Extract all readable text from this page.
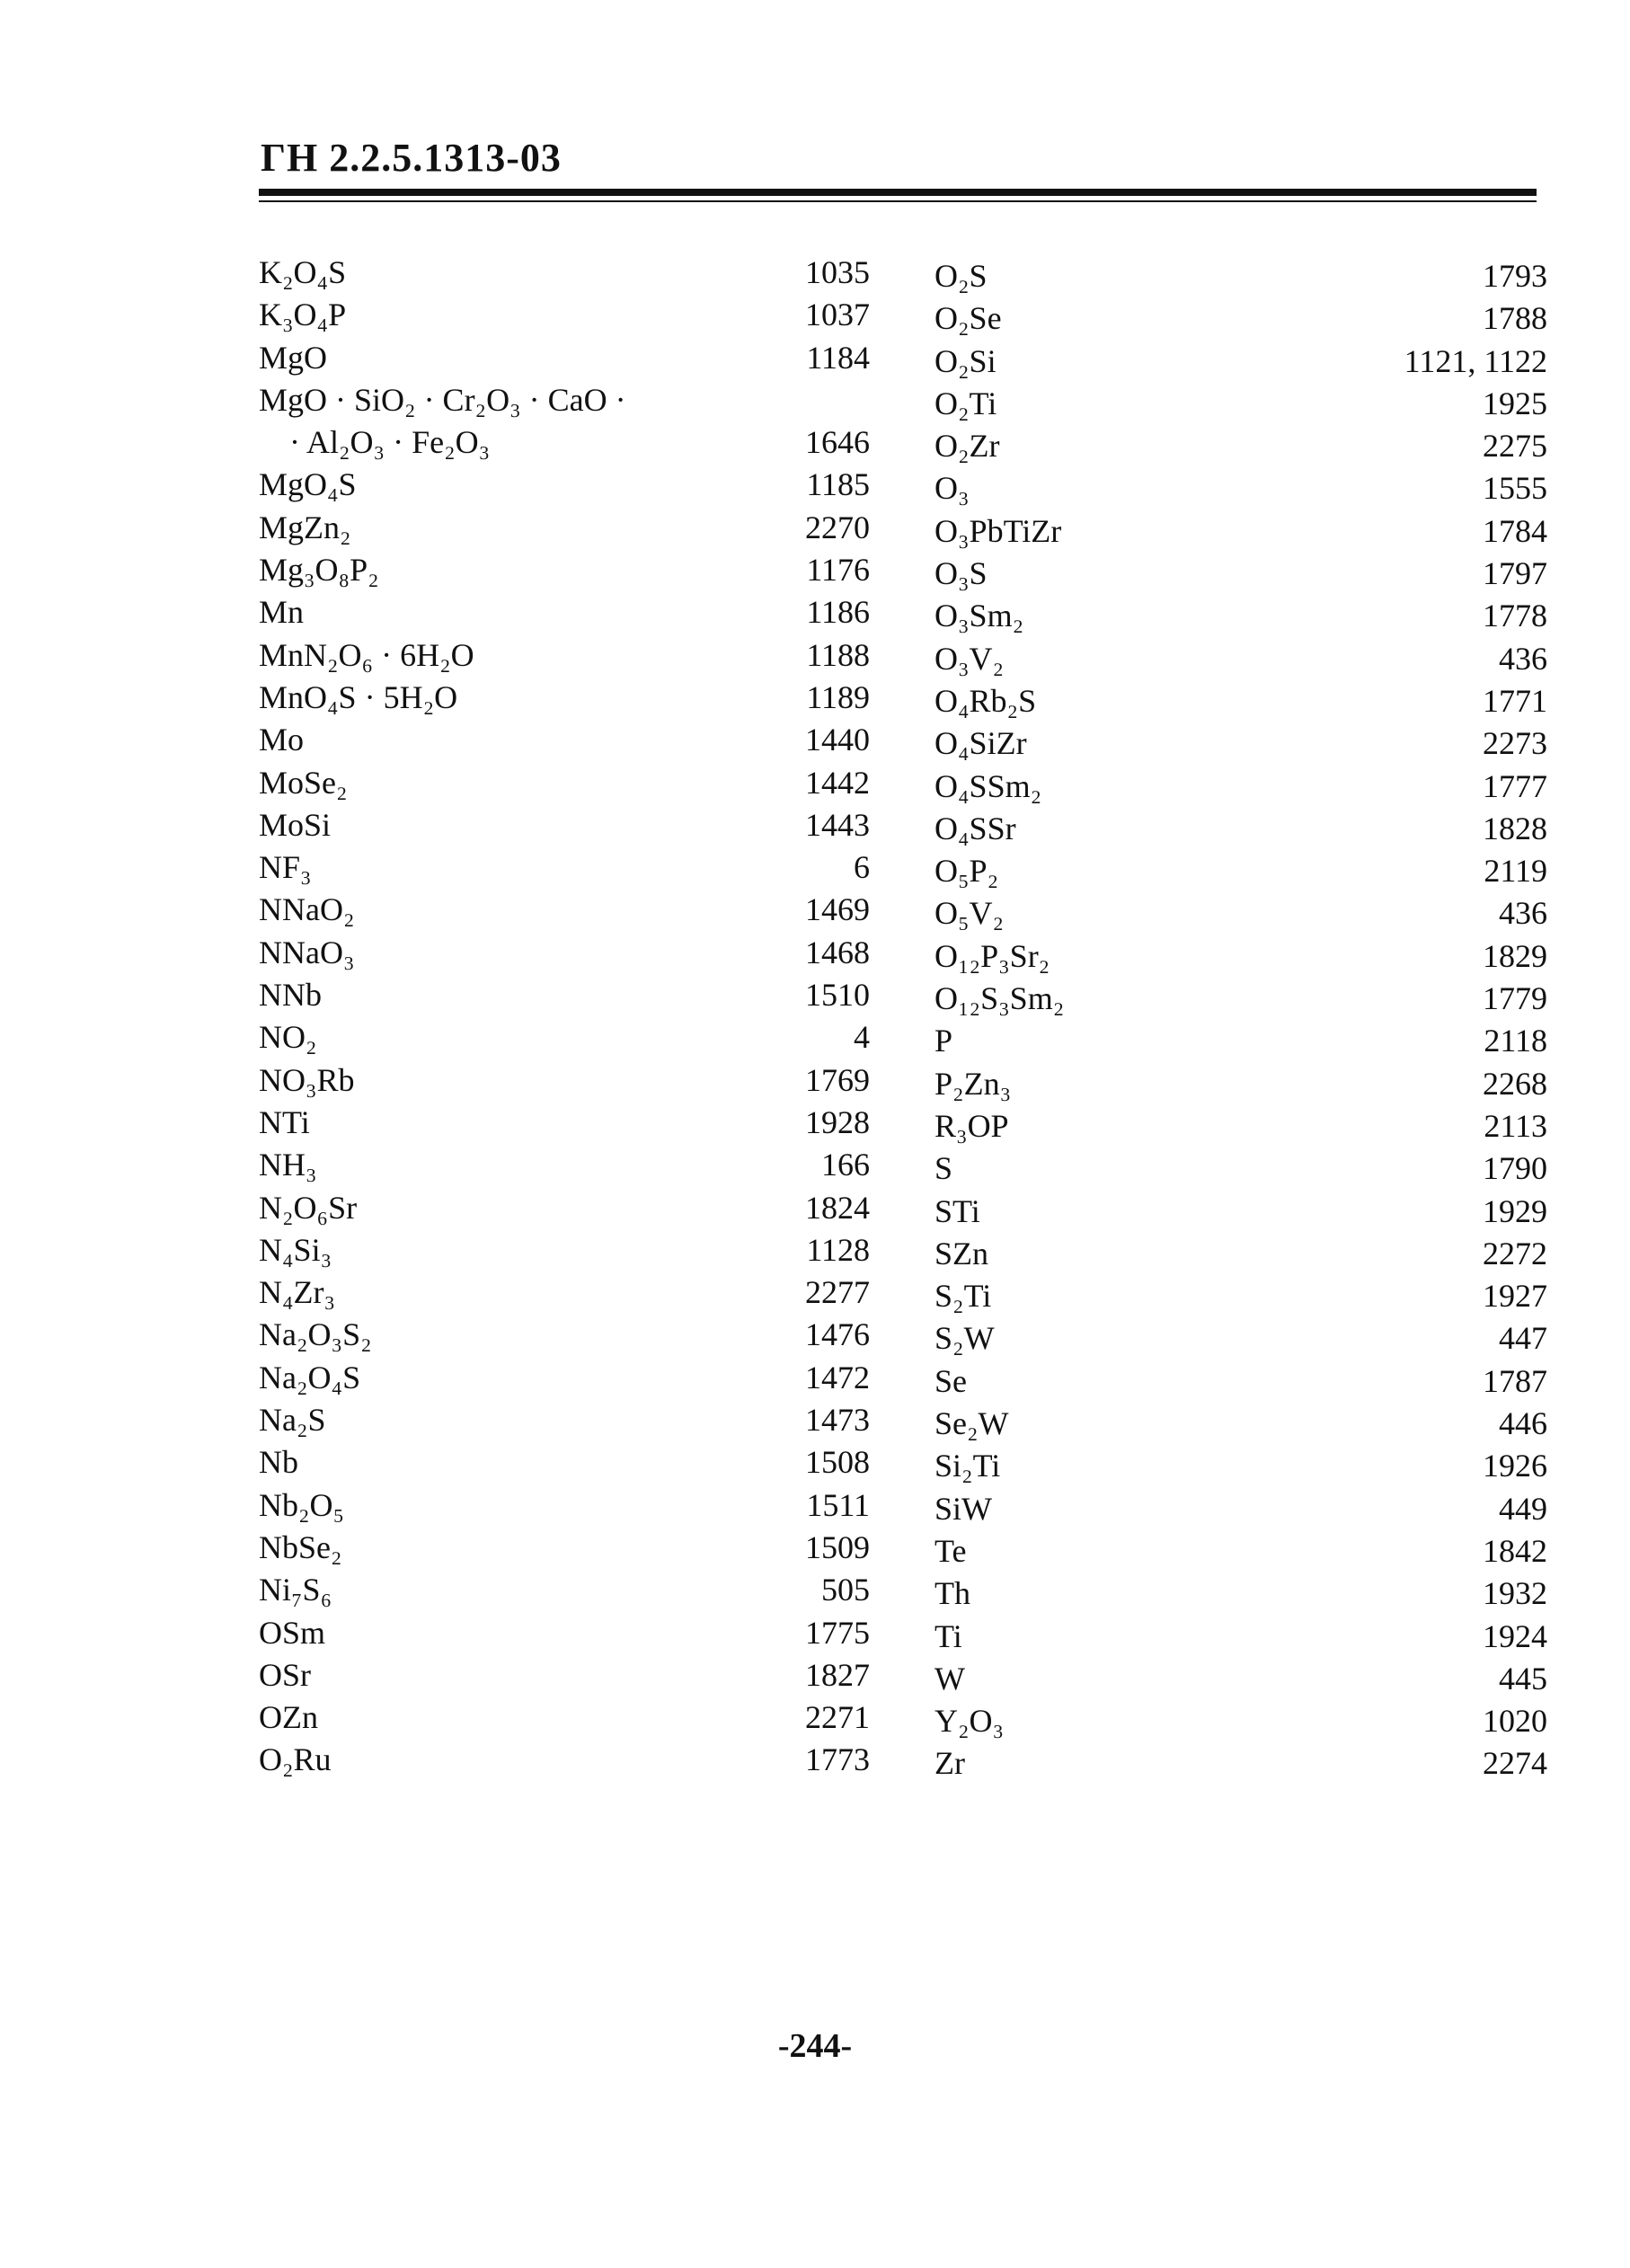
ГН 2.2.5.1313-03
K₂O₄S	1035
K₃O₄P	1037
MgO	1184
MgO · SiO₂ · Cr₂O₃ · CaO ·
· Al₂O₃ · Fe₂O₃	1646
MgO₄S	1185
MgZn₂	2270
Mg₃O₈P₂	1176
Mn	1186
MnN₂O₆ · 6H₂O	1188
MnO₄S · 5H₂O	1189
Mo	1440
MoSe₂	1442
MoSi	1443
NF₃	6
NNaO₂	1469
NNaO₃	1468
NNb	1510
NO₂	4
NO₃Rb	1769
NTi	1928
NH₃	166
N₂O₆Sr	1824
N₄Si₃	1128
N₄Zr₃	2277
Na₂O₃S₂	1476
Na₂O₄S	1472
Na₂S	1473
Nb	1508
Nb₂O₅	1511
NbSe₂	1509
Ni₇S₆	505
OSm	1775
OSr	1827
OZn	2271
O₂Ru	1773
O₂S	1793
O₂Se	1788
O₂Si	1121, 1122
O₂Ti	1925
O₂Zr	2275
O₃	1555
O₃PbTiZr	1784
O₃S	1797
O₃Sm₂	1778
O₃V₂	436
O₄Rb₂S	1771
O₄SiZr	2273
O₄SSm₂	1777
O₄SSr	1828
O₅P₂	2119
O₅V₂	436
O₁₂P₃Sr₂	1829
O₁₂S₃Sm₂	1779
P	2118
P₂Zn₃	2268
R₃OP	2113
S	1790
STi	1929
SZn	2272
S₂Ti	1927
S₂W	447
Se	1787
Se₂W	446
Si₂Ti	1926
SiW	449
Te	1842
Th	1932
Ti	1924
W	445
Y₂O₃	1020
Zr	2274
-244-
